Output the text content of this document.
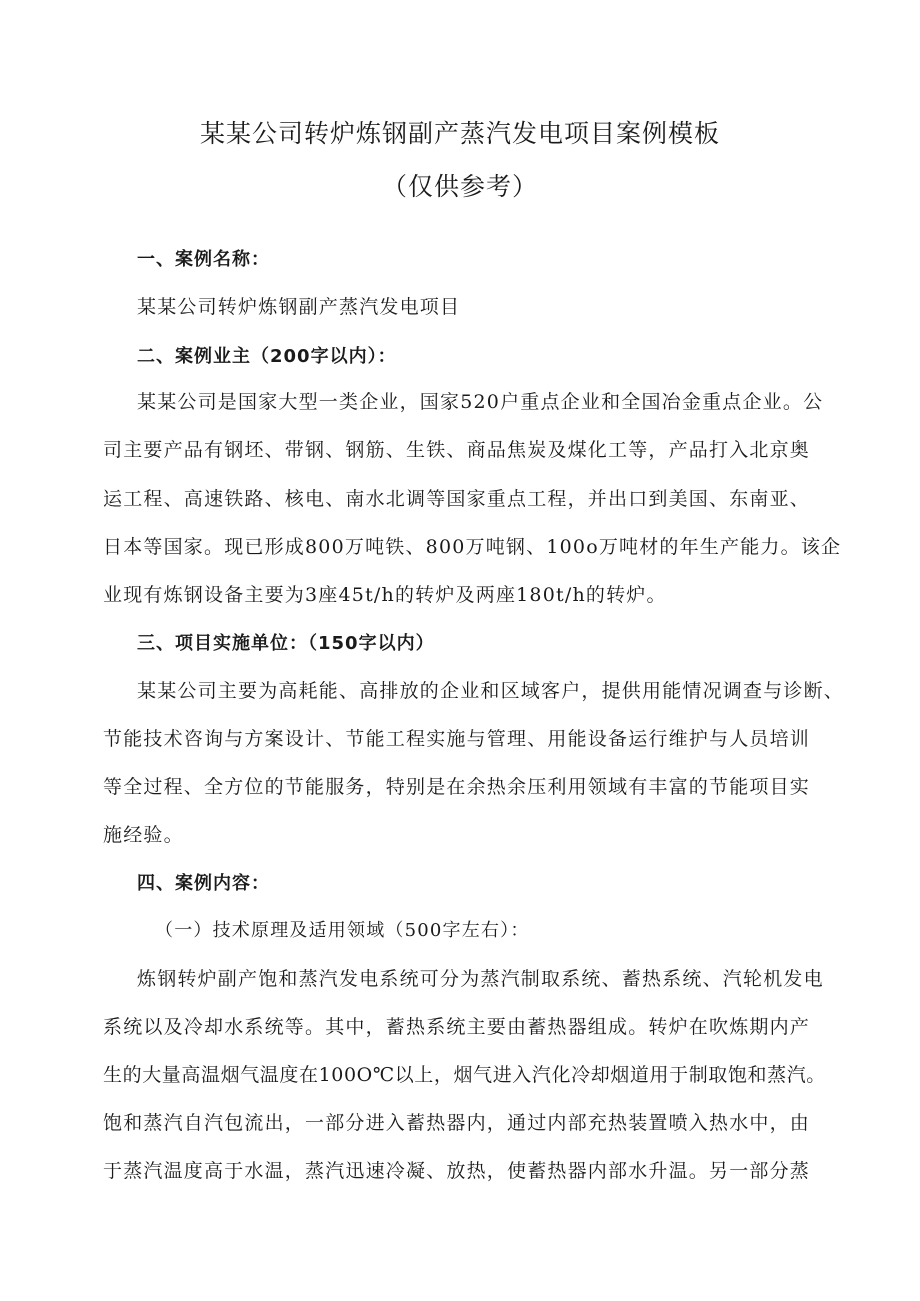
某某公司转炉炼钢副产蒸汽发电项目案例模板
（仅供参考）
一、案例名称：
某某公司转炉炼钢副产蒸汽发电项目
二、案例业主（200字以内）：
某某公司是国家大型一类企业，国家520户重点企业和全国冶金重点企业。公
司主要产品有钢坯、带钢、钢筋、生铁、商品焦炭及煤化工等，产品打入北京奥
运工程、高速铁路、核电、南水北调等国家重点工程，并出口到美国、东南亚、
日本等国家。现已形成800万吨铁、800万吨钢、100o万吨材的年生产能力。该企
业现有炼钢设备主要为3座45t/h的转炉及两座180t/h的转炉。
三、项目实施单位：（150字以内）
某某公司主要为高耗能、高排放的企业和区域客户，提供用能情况调查与诊断、
节能技术咨询与方案设计、节能工程实施与管理、用能设备运行维护与人员培训
等全过程、全方位的节能服务，特别是在余热余压利用领域有丰富的节能项目实
施经验。
四、案例内容：
（一）技术原理及适用领域（500字左右）：
炼钢转炉副产饱和蒸汽发电系统可分为蒸汽制取系统、蓄热系统、汽轮机发电
系统以及冷却水系统等。其中，蓄热系统主要由蓄热器组成。转炉在吹炼期内产
生的大量高温烟气温度在100O℃以上，烟气进入汽化冷却烟道用于制取饱和蒸汽。
饱和蒸汽自汽包流出，一部分进入蓄热器内，通过内部充热装置喷入热水中，由
于蒸汽温度高于水温，蒸汽迅速冷凝、放热，使蓄热器内部水升温。另一部分蒸
